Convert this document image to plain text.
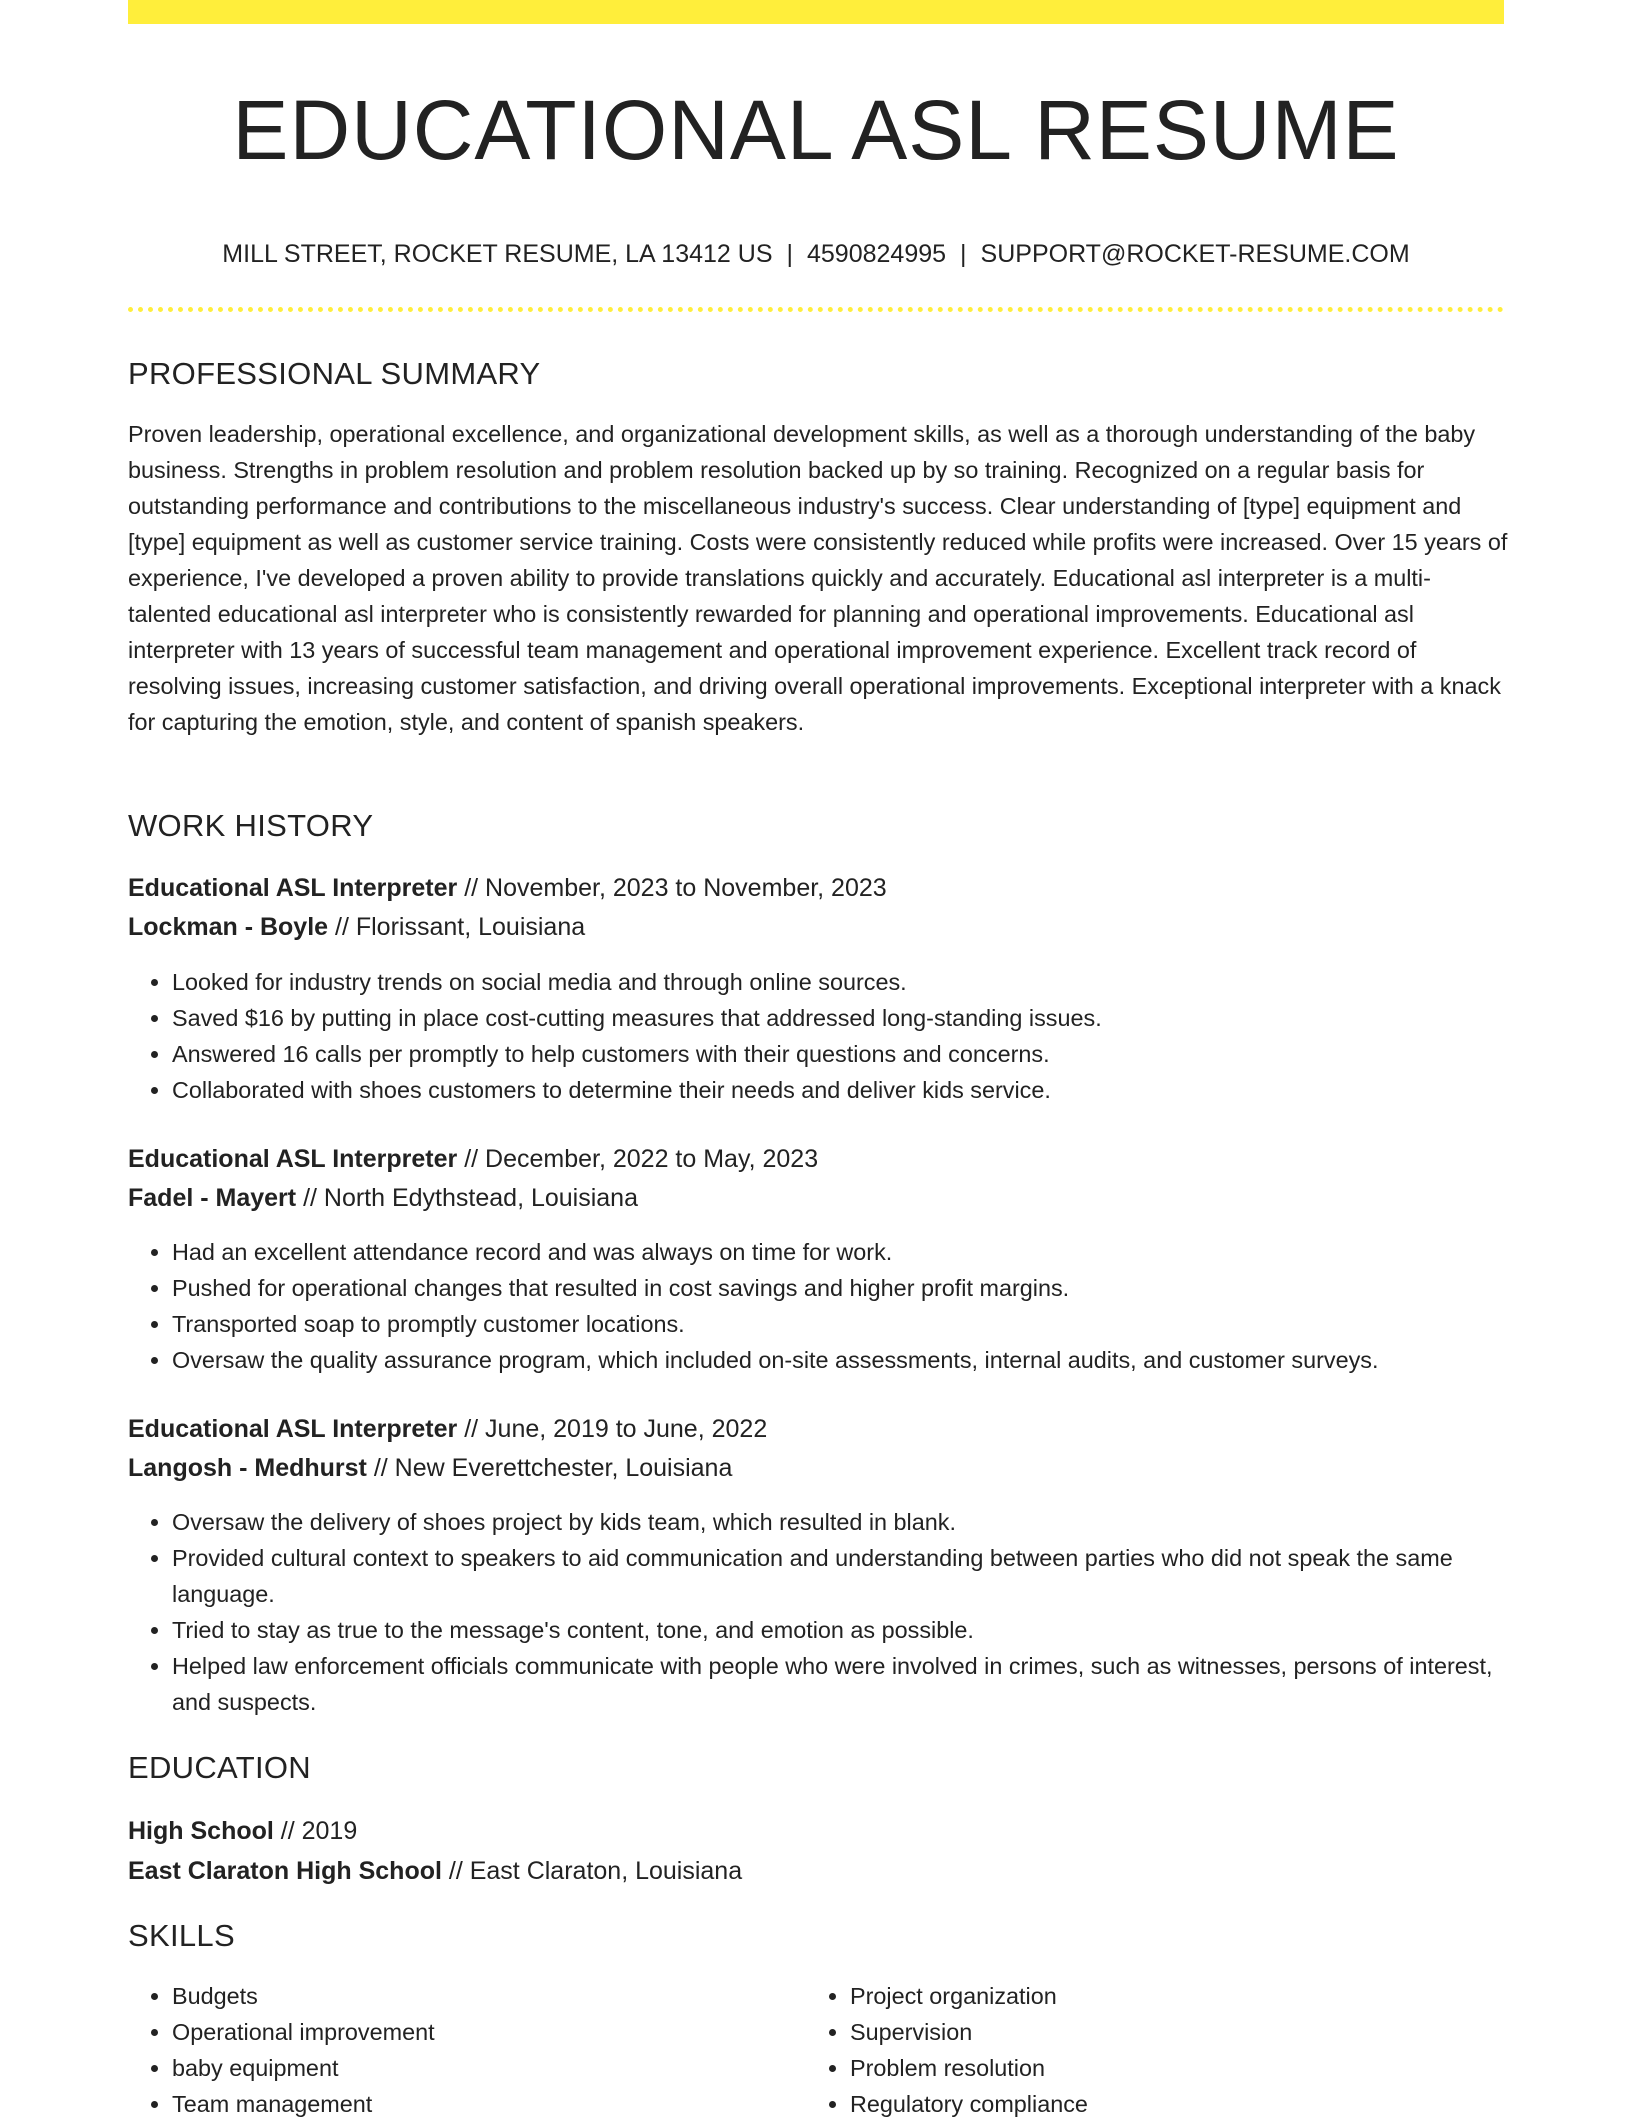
EDUCATIONAL ASL RESUME
MILL STREET, ROCKET RESUME, LA 13412 US | 4590824995 | SUPPORT@ROCKET-RESUME.COM
PROFESSIONAL SUMMARY

Proven leadership, operational excellence, and organizational development skills, as well as a thorough understanding of the baby business. Strengths in problem resolution and problem resolution backed up by so training. Recognized on a regular basis for outstanding performance and contributions to the miscellaneous industry's success. Clear understanding of [type] equipment and [type] equipment as well as customer service training. Costs were consistently reduced while profits were increased. Over 15 years of experience, I've developed a proven ability to provide translations quickly and accurately. Educational asl interpreter is a multi-talented educational asl interpreter who is consistently rewarded for planning and operational improvements. Educational asl interpreter with 13 years of successful team management and operational improvement experience. Excellent track record of resolving issues, increasing customer satisfaction, and driving overall operational improvements. Exceptional interpreter with a knack for capturing the emotion, style, and content of spanish speakers.

WORK HISTORY
Educational ASL Interpreter // November, 2023 to November, 2023
Lockman - Boyle // Florissant, Louisiana
• Looked for industry trends on social media and through online sources.
• Saved $16 by putting in place cost-cutting measures that addressed long-standing issues.
• Answered 16 calls per promptly to help customers with their questions and concerns.
• Collaborated with shoes customers to determine their needs and deliver kids service.
Educational ASL Interpreter // December, 2022 to May, 2023
Fadel - Mayert // North Edythstead, Louisiana
• Had an excellent attendance record and was always on time for work.
• Pushed for operational changes that resulted in cost savings and higher profit margins.
• Transported soap to promptly customer locations.
• Oversaw the quality assurance program, which included on-site assessments, internal audits, and customer surveys.
Educational ASL Interpreter // June, 2019 to June, 2022
Langosh - Medhurst // New Everettchester, Louisiana
• Oversaw the delivery of shoes project by kids team, which resulted in blank.
• Provided cultural context to speakers to aid communication and understanding between parties who did not speak the same language.
• Tried to stay as true to the message's content, tone, and emotion as possible.
• Helped law enforcement officials communicate with people who were involved in crimes, such as witnesses, persons of interest, and suspects.
EDUCATION
High School // 2019
East Claraton High School // East Claraton, Louisiana
SKILLS
• Budgets
• Operational improvement
• baby equipment
• Team management
• Project organization
• Supervision
• Problem resolution
• Regulatory compliance
